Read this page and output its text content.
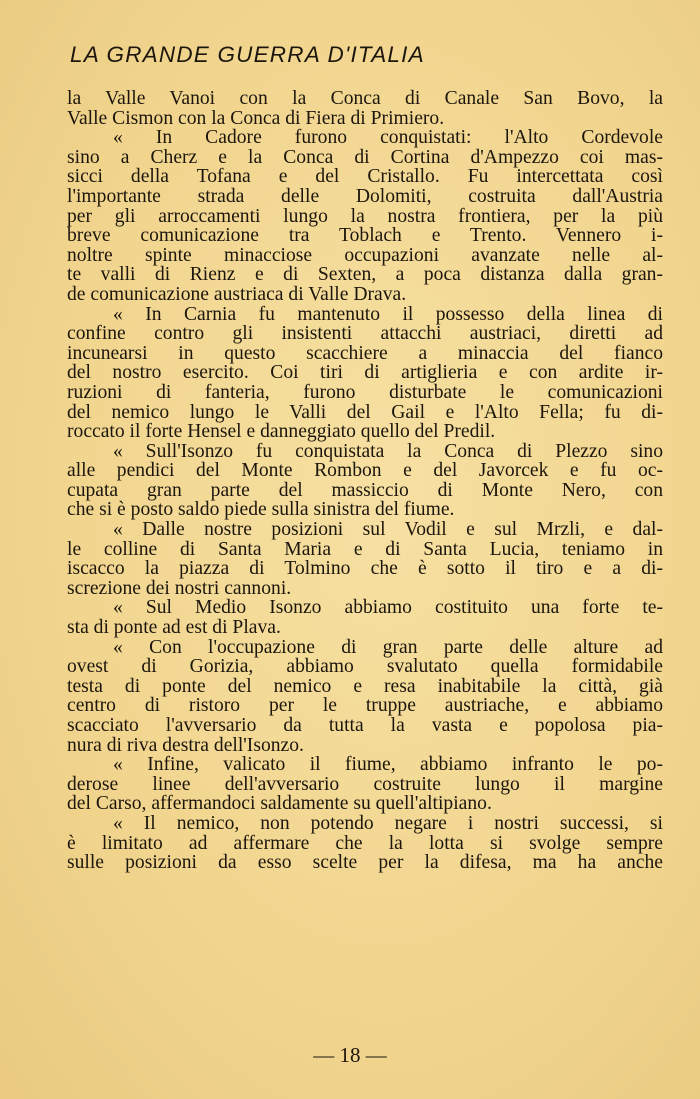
LA GRANDE GUERRA D'ITALIA
la Valle Vanoi con la Conca di Canale San Bovo, la
Valle Cismon con la Conca di Fiera di Primiero.
« In Cadore furono conquistati: l'Alto Cordevole
sino a Cherz e la Conca di Cortina d'Ampezzo coi mas-
sicci della Tofana e del Cristallo. Fu intercettata così
l'importante strada delle Dolomiti, costruita dall'Austria
per gli arroccamenti lungo la nostra frontiera, per la più
breve comunicazione tra Toblach e Trento. Vennero i-
noltre spinte minacciose occupazioni avanzate nelle al-
te valli di Rienz e di Sexten, a poca distanza dalla gran-
de comunicazione austriaca di Valle Drava.
« In Carnia fu mantenuto il possesso della linea di
confine contro gli insistenti attacchi austriaci, diretti ad
incunearsi in questo scacchiere a minaccia del fianco
del nostro esercito. Coi tiri di artiglieria e con ardite ir-
ruzioni di fanteria, furono disturbate le comunicazioni
del nemico lungo le Valli del Gail e l'Alto Fella; fu di-
roccato il forte Hensel e danneggiato quello del Predil.
« Sull'Isonzo fu conquistata la Conca di Plezzo sino
alle pendici del Monte Rombon e del Javorcek e fu oc-
cupata gran parte del massiccio di Monte Nero, con
che si è posto saldo piede sulla sinistra del fiume.
« Dalle nostre posizioni sul Vodil e sul Mrzli, e dal-
le colline di Santa Maria e di Santa Lucia, teniamo in
iscacco la piazza di Tolmino che è sotto il tiro e a di-
screzione dei nostri cannoni.
« Sul Medio Isonzo abbiamo costituito una forte te-
sta di ponte ad est di Plava.
« Con l'occupazione di gran parte delle alture ad
ovest di Gorizia, abbiamo svalutato quella formidabile
testa di ponte del nemico e resa inabitabile la città, già
centro di ristoro per le truppe austriache, e abbiamo
scacciato l'avversario da tutta la vasta e popolosa pia-
nura di riva destra dell'Isonzo.
« Infine, valicato il fiume, abbiamo infranto le po-
derose linee dell'avversario costruite lungo il margine
del Carso, affermandoci saldamente su quell'altipiano.
« Il nemico, non potendo negare i nostri successi, si
è limitato ad affermare che la lotta si svolge sempre
sulle posizioni da esso scelte per la difesa, ma ha anche
— 18 —
